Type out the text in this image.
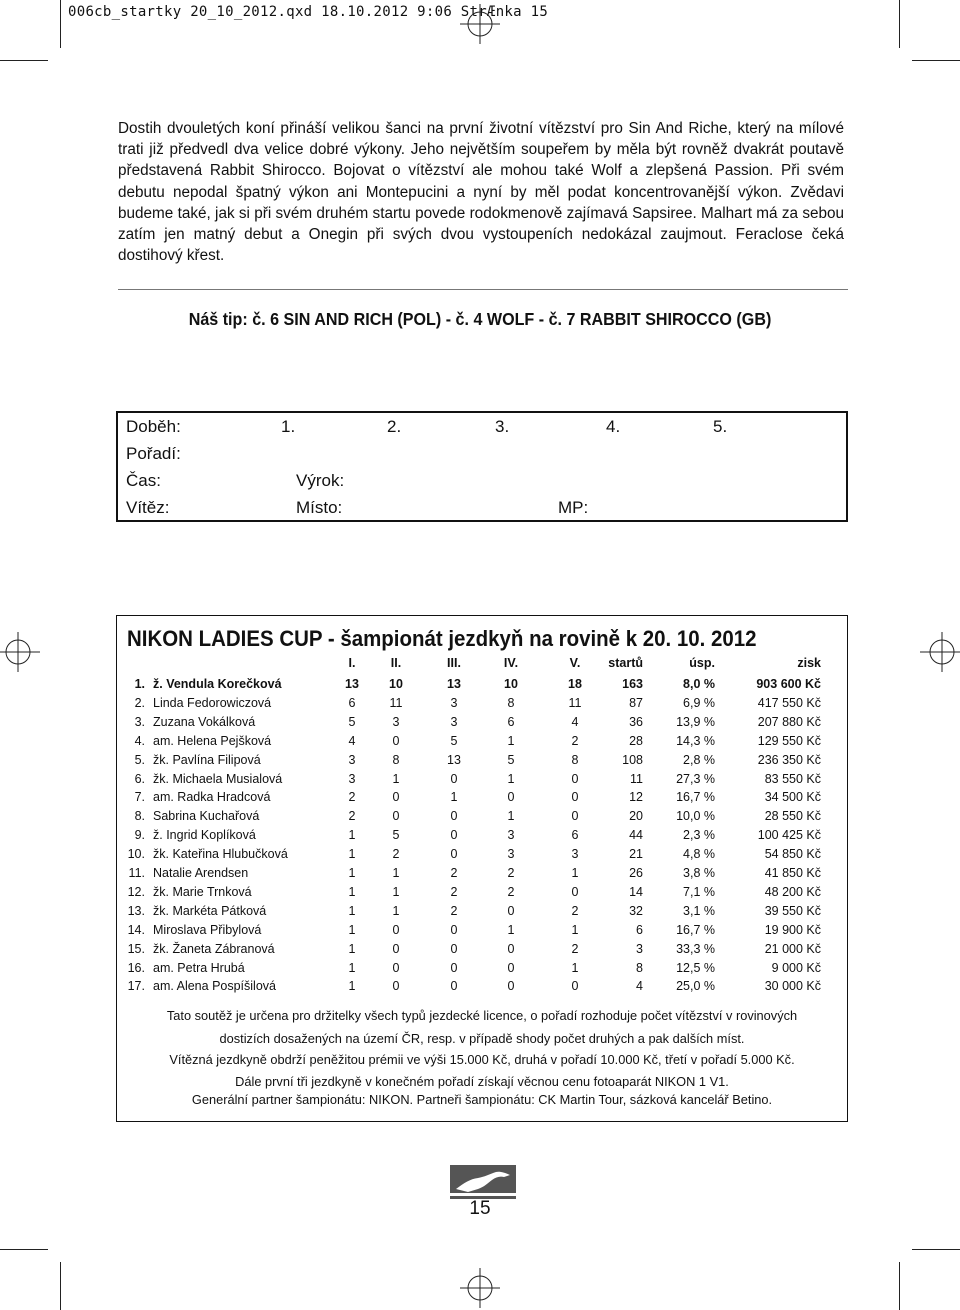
006cb_startky 20_10_2012.qxd 18.10.2012 9:06 StrÆnka 15

Dostih dvouletých koní přináší velikou šanci na první životní vítězství pro Sin And Riche, který na mílové trati již předvedl dva velice dobré výkony. Jeho největším soupeřem by měla být rovněž dvakrát poutavě představená Rabbit Shirocco. Bojovat o vítězství ale mohou také Wolf a zlepšená Passion. Při svém debutu nepodal špatný výkon ani Montepucini a nyní by měl podat koncentrovanější výkon. Zvědavi budeme také, jak si při svém druhém startu povede rodokmenově zajímavá Sapsiree. Malhart má za sebou zatím jen matný debut a Onegin při svých dvou vystoupeních nedokázal zaujmout. Feraclose čeká dostihový křest.

Náš tip: č. 6 SIN AND RICH (POL) - č. 4 WOLF - č. 7 RABBIT SHIROCCO (GB)
Doběh:	1.	2.	3.	4.	5.
Pořadí:
Čas:	Výrok:
Vítěz:	Místo:	MP:
NIKON LADIES CUP - šampionát jezdkyň na rovině k 20. 10. 2012
I.	II.	III.	IV.	V.	startů	úsp.	zisk
1. ž. Vendula Korečková	13	10	13	10	18	163	8,0 %	903 600 Kč
2. Linda Fedorowiczová	6	11	3	8	11	87	6,9 %	417 550 Kč
3. Zuzana Vokálková	5	3	3	6	4	36	13,9 %	207 880 Kč
4. am. Helena Pejšková	4	0	5	1	2	28	14,3 %	129 550 Kč
5. žk. Pavlína Filipová	3	8	13	5	8	108	2,8 %	236 350 Kč
6. žk. Michaela Musialová	3	1	0	1	0	11	27,3 %	83 550 Kč
7. am. Radka Hradcová	2	0	1	0	0	12	16,7 %	34 500 Kč
8. Sabrina Kuchařová	2	0	0	1	0	20	10,0 %	28 550 Kč
9. ž. Ingrid Koplíková	1	5	0	3	6	44	2,3 %	100 425 Kč
10. žk. Kateřina Hlubučková	1	2	0	3	3	21	4,8 %	54 850 Kč
11. Natalie Arendsen	1	1	2	2	1	26	3,8 %	41 850 Kč
12. žk. Marie Trnková	1	1	2	2	0	14	7,1 %	48 200 Kč
13. žk. Markéta Pátková	1	1	2	0	2	32	3,1 %	39 550 Kč
14. Miroslava Přibylová	1	0	0	1	1	6	16,7 %	19 900 Kč
15. žk. Žaneta Zábranová	1	0	0	0	2	3	33,3 %	21 000 Kč
16. am. Petra Hrubá	1	0	0	0	1	8	12,5 %	9 000 Kč
17. am. Alena Pospíšilová	1	0	0	0	0	4	25,0 %	30 000 Kč
Tato soutěž je určena pro držitelky všech typů jezdecké licence, o pořadí rozhoduje počet vítězství v rovinových
dostizích dosažených na území ČR, resp. v případě shody počet druhých a pak dalších míst.
Vítězná jezdkyně obdrží peněžitou prémii ve výši 15.000 Kč, druhá v pořadí 10.000 Kč, třetí v pořadí 5.000 Kč.
Dále první tři jezdkyně v konečném pořadí získají věcnou cenu fotoaparát NIKON 1 V1.
Generální partner šampionátu: NIKON. Partneři šampionátu: CK Martin Tour, sázková kancelář Betino.
15
